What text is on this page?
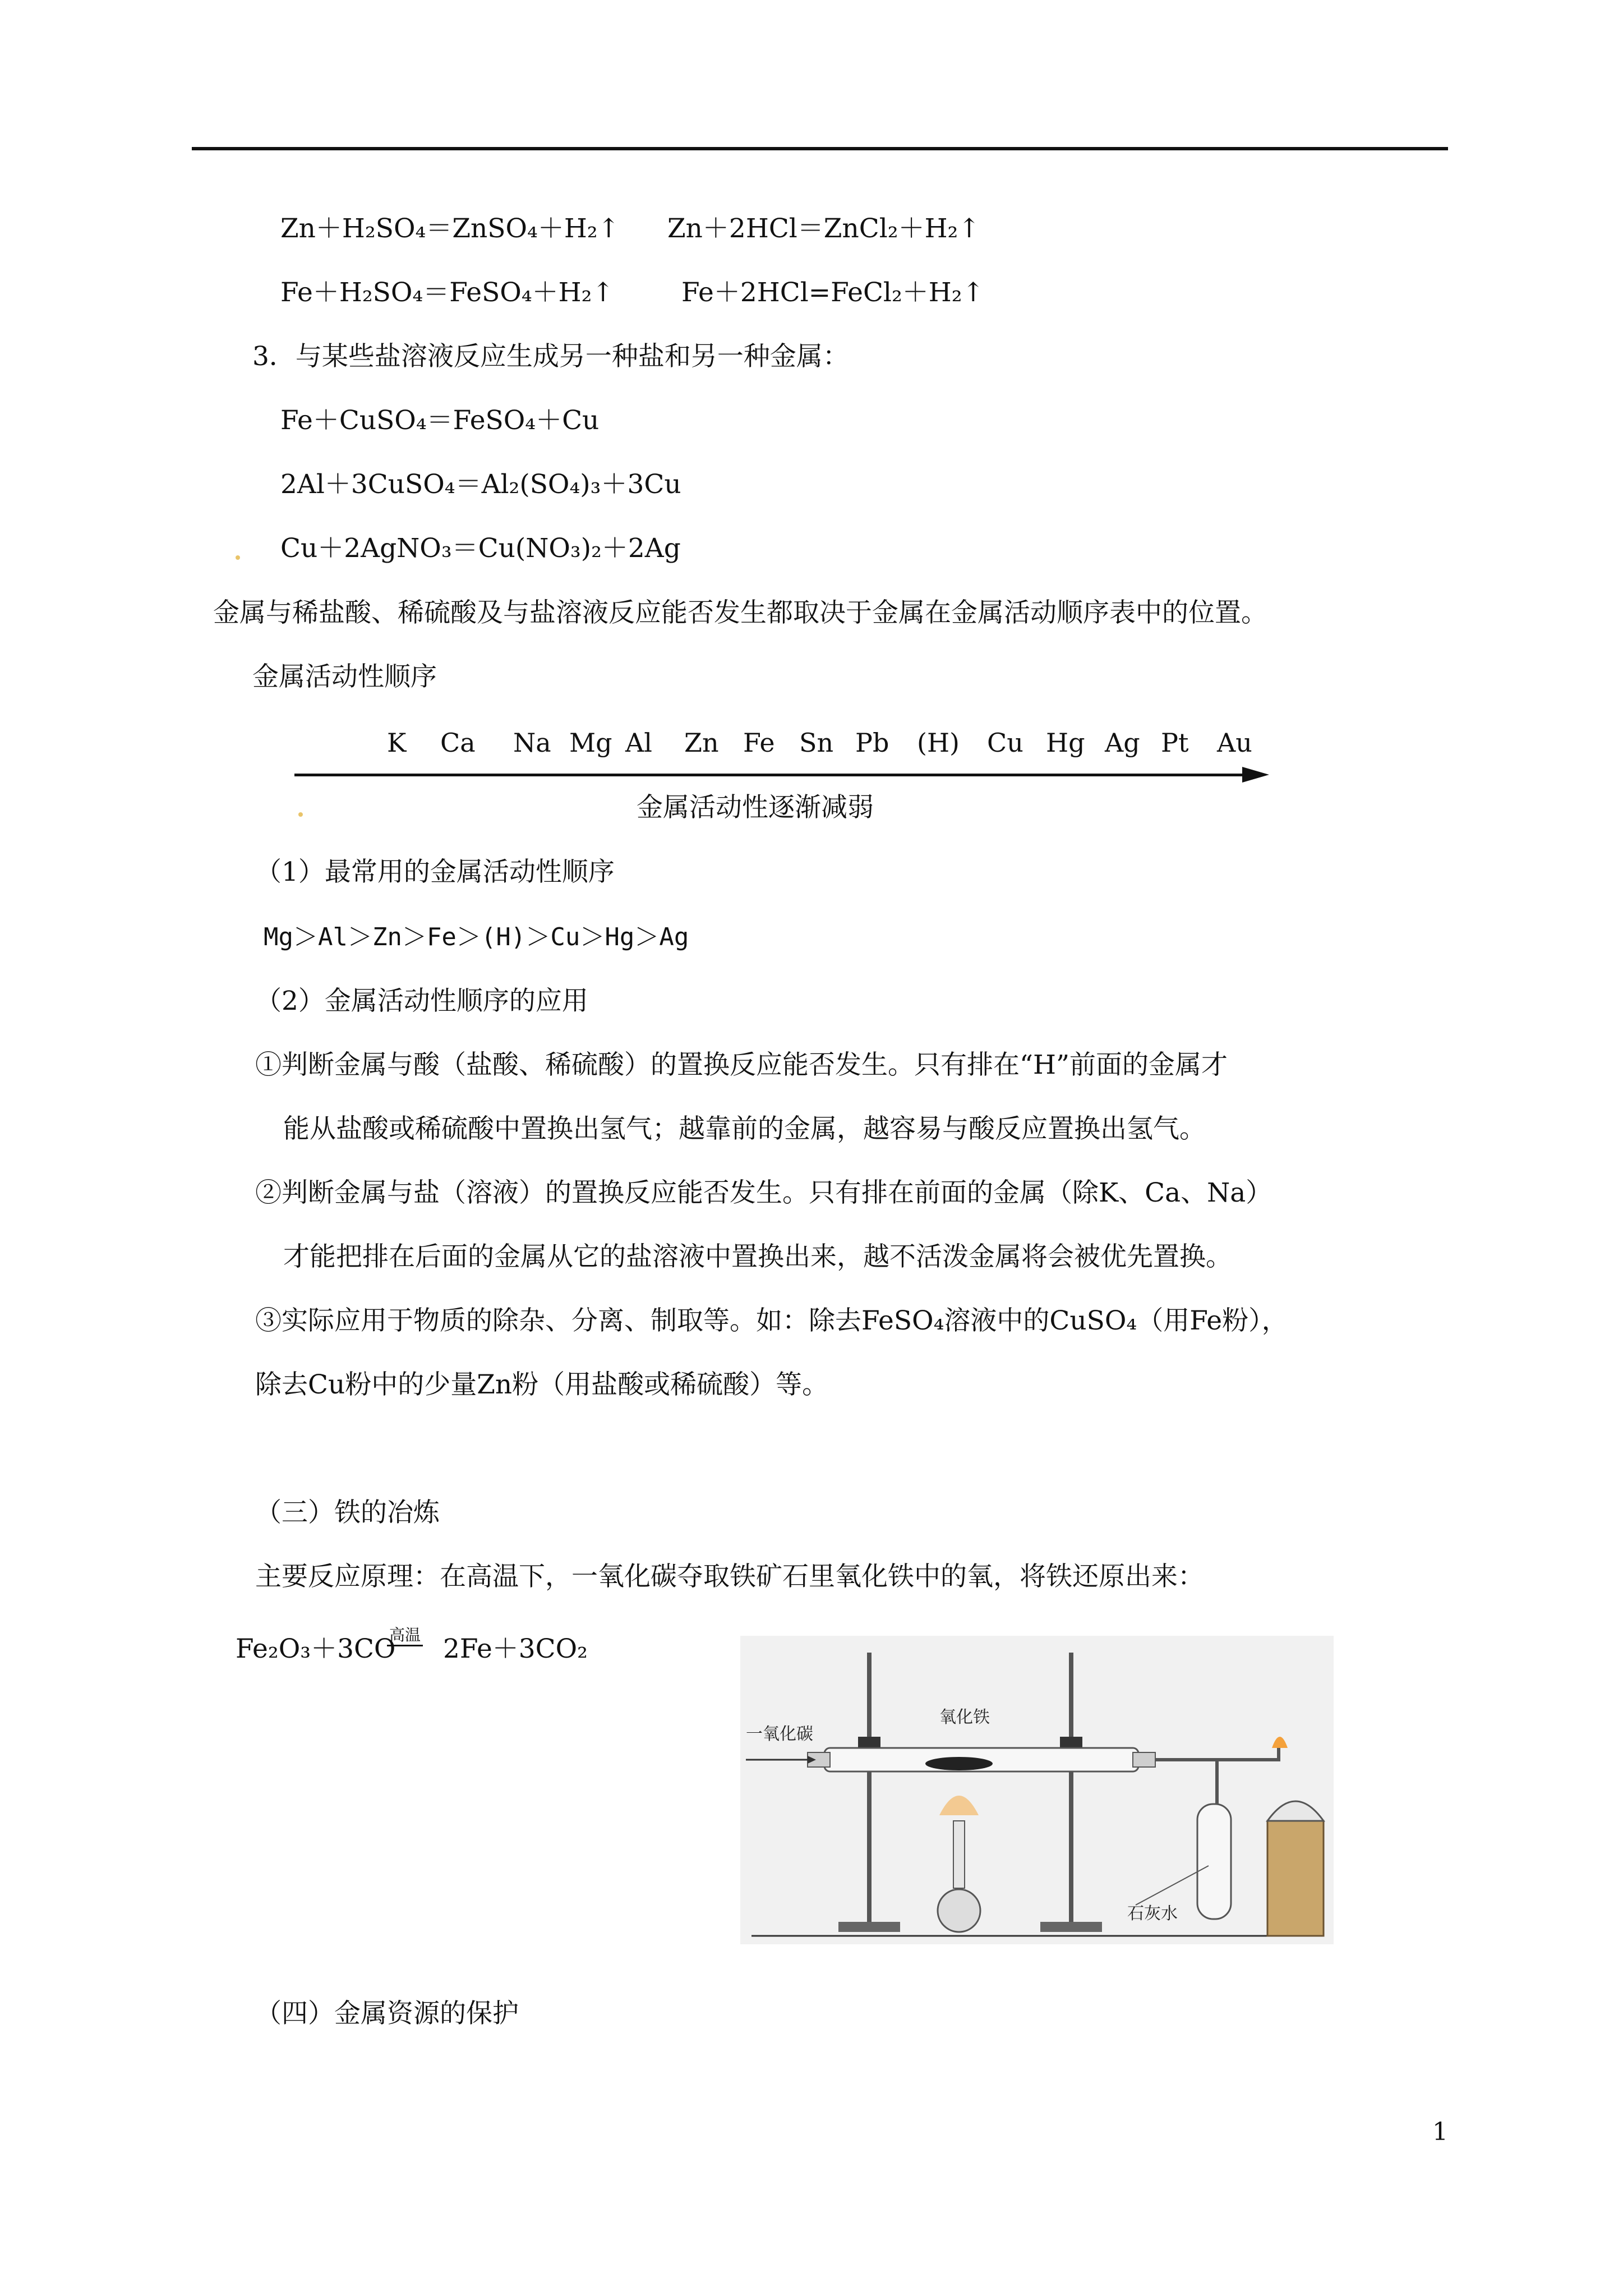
Zn＋H₂SO₄＝ZnSO₄＋H₂↑ Zn＋2HCl＝ZnCl₂＋H₂↑
Fe＋H₂SO₄＝FeSO₄＋H₂↑	Fe＋2HCl=FeCl₂＋H₂↑
3．与某些盐溶液反应生成另一种盐和另一种金属：
Fe＋CuSO₄＝FeSO₄＋Cu
2Al＋3CuSO₄＝Al₂(SO₄)₃＋3Cu
Cu＋2AgNO₃＝Cu(NO₃)₂＋2Ag
金属与稀盐酸、稀硫酸及与盐溶液反应能否发生都取决于金属在金属活动顺序表中的位置。
金属活动性顺序
K	Ca	Na Mg Al	Zn Fe Sn Pb	(H)	Cu Hg Ag Pt	Au
金属活动性逐渐减弱
（1）最常用的金属活动性顺序
Mg＞Al＞Zn＞Fe＞(H)＞Cu＞Hg＞Ag
（2）金属活动性顺序的应用
①判断金属与酸（盐酸、稀硫酸）的置换反应能否发生。只有排在“H”前面的金属才
能从盐酸或稀硫酸中置换出氢气；越靠前的金属，越容易与酸反应置换出氢气。
②判断金属与盐（溶液）的置换反应能否发生。只有排在前面的金属（除K、Ca、Na）
才能把排在后面的金属从它的盐溶液中置换出来，越不活泼金属将会被优先置换。
③实际应用于物质的除杂、分离、制取等。如：除去FeSO₄溶液中的CuSO₄（用Fe粉），
除去Cu粉中的少量Zn粉（用盐酸或稀硫酸）等。
（三）铁的冶炼
主要反应原理：在高温下，一氧化碳夺取铁矿石里氧化铁中的氧，将铁还原出来：
Fe₂O₃＋3CO
高温 2Fe＋3CO₂
一氧化碳
氧化铁
石灰水
（四）金属资源的保护
1
